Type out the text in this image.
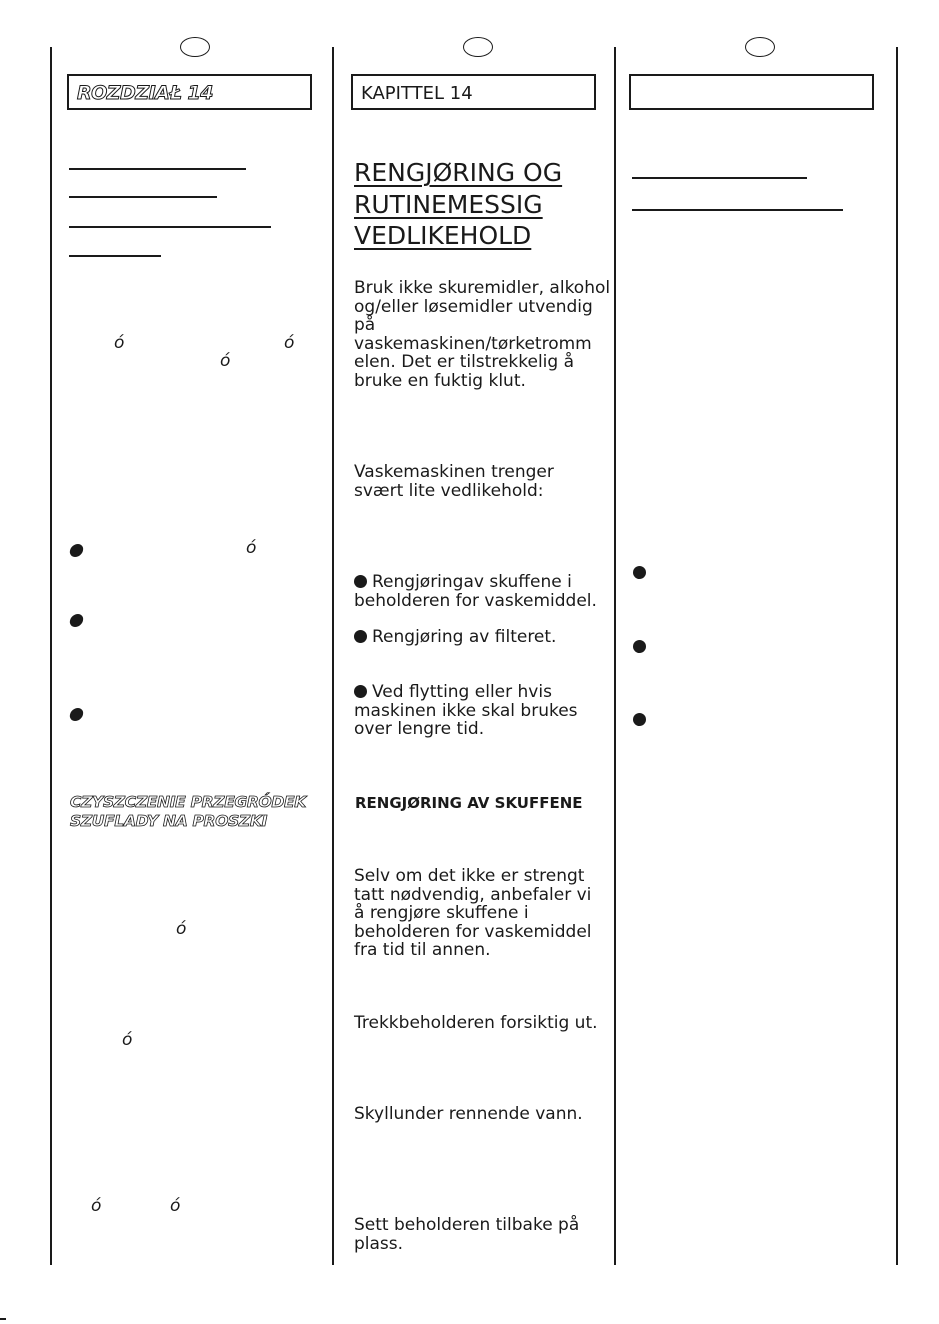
ROZDZIAŁ 14
ó	ó
ó
ó
CZYSZCZENIE PRZEGRÓDEK
SZUFLADY NA PROSZKI
ó
ó
ó	ó
KAPITTEL 14
RENGJØRING OG
RUTINEMESSIG
VEDLIKEHOLD
Bruk ikke skuremidler, alkohol
og/eller løsemidler utvendig
på
vaskemaskinen/tørketromm
elen. Det er tilstrekkelig å
bruke en fuktig klut.
Vaskemaskinen trenger
svært lite vedlikehold:
Rengjøringav skuffene i
beholderen for vaskemiddel.
Rengjøring av filteret.
Ved flytting eller hvis
maskinen ikke skal brukes
over lengre tid.
RENGJØRING AV SKUFFENE
Selv om det ikke er strengt
tatt nødvendig, anbefaler vi
å rengjøre skuffene i
beholderen for vaskemiddel
fra tid til annen.
Trekkbeholderen forsiktig ut.
Skyllunder rennende vann.
Sett beholderen tilbake på
plass.
